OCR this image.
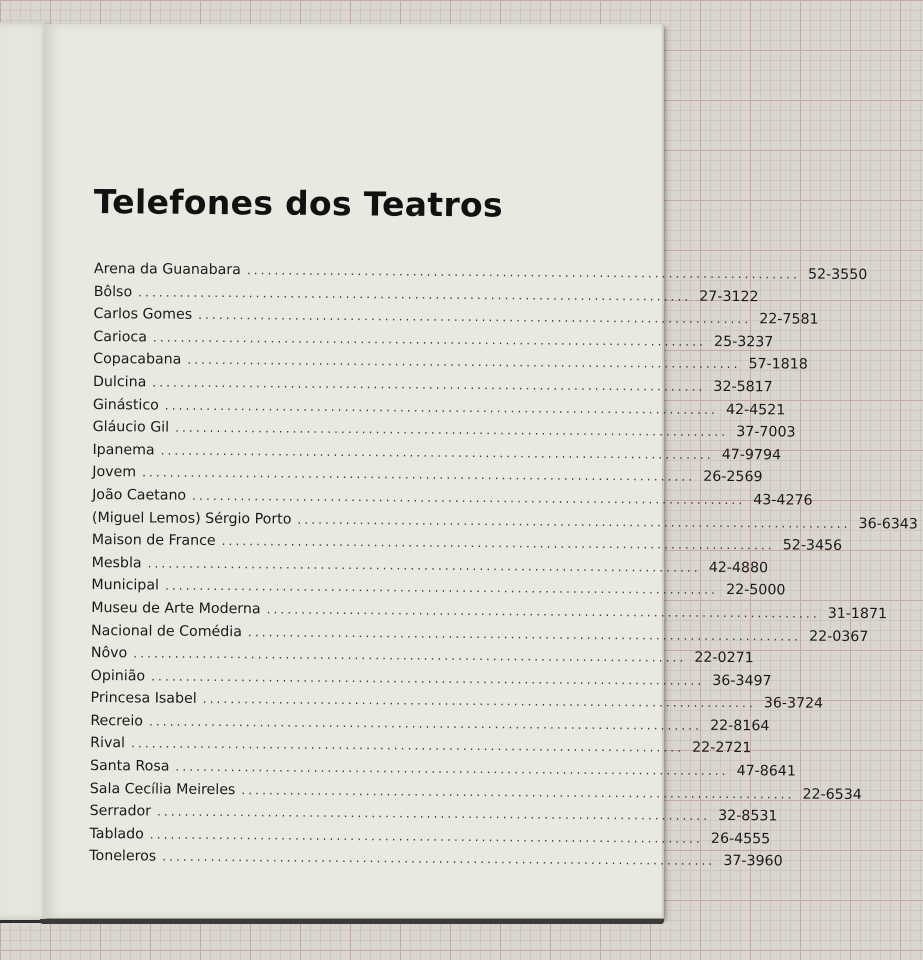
Telefones dos Teatros
Arena da Guanabara ................................................................................ 52-3550
Bôlso ................................................................................ 27-3122
Carlos Gomes ................................................................................ 22-7581
Carioca ................................................................................ 25-3237
Copacabana ................................................................................ 57-1818
Dulcina ................................................................................ 32-5817
Ginástico ................................................................................ 42-4521
Gláucio Gil ................................................................................ 37-7003
Ipanema ................................................................................ 47-9794
Jovem ................................................................................ 26-2569
João Caetano ................................................................................ 43-4276
(Miguel Lemos) Sérgio Porto ................................................................................ 36-6343
Maison de France ................................................................................ 52-3456
Mesbla ................................................................................ 42-4880
Municipal ................................................................................ 22-5000
Museu de Arte Moderna ................................................................................ 31-1871
Nacional de Comédia ................................................................................ 22-0367
Nôvo ................................................................................ 22-0271
Opinião ................................................................................ 36-3497
Princesa Isabel ................................................................................ 36-3724
Recreio ................................................................................ 22-8164
Rival ................................................................................ 22-2721
Santa Rosa ................................................................................ 47-8641
Sala Cecília Meireles ................................................................................ 22-6534
Serrador ................................................................................ 32-8531
Tablado ................................................................................ 26-4555
Toneleros ................................................................................ 37-3960
